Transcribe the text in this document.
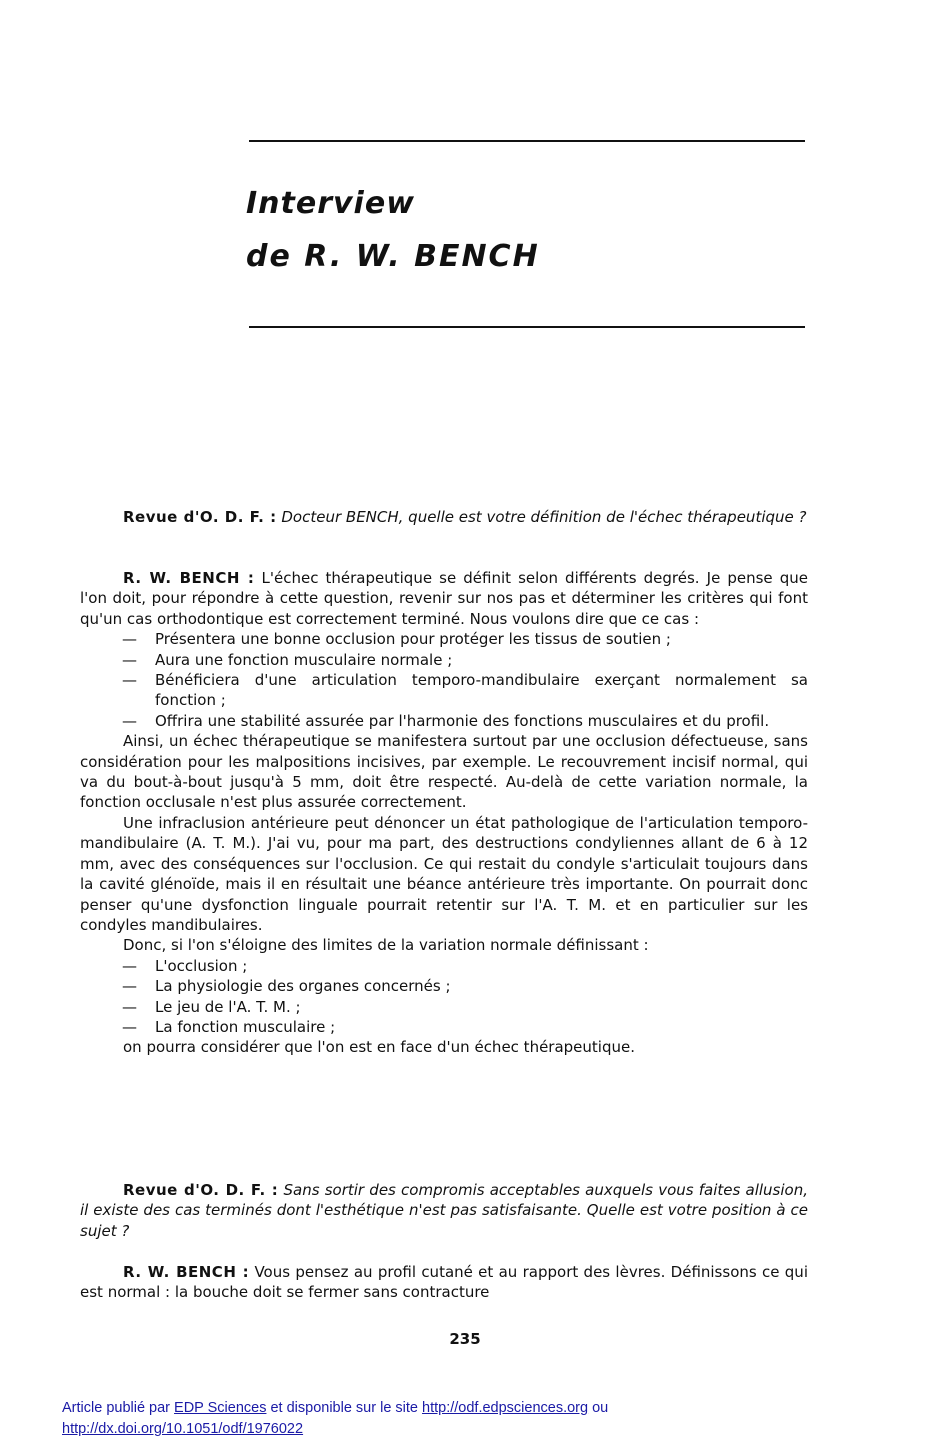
Interview
de R. W. BENCH

Revue d'O. D. F. : Docteur BENCH, quelle est votre définition de l'échec thérapeutique ?

R. W. BENCH : L'échec thérapeutique se définit selon différents degrés. Je pense que l'on doit, pour répondre à cette question, revenir sur nos pas et déterminer les critères qui font qu'un cas orthodontique est correctement terminé. Nous voulons dire que ce cas :

— Présentera une bonne occlusion pour protéger les tissus de soutien ;
— Aura une fonction musculaire normale ;
— Bénéficiera d'une articulation temporo-mandibulaire exerçant normalement sa fonction ;
— Offrira une stabilité assurée par l'harmonie des fonctions musculaires et du profil.

Ainsi, un échec thérapeutique se manifestera surtout par une occlusion défectueuse, sans considération pour les malpositions incisives, par exemple. Le recouvrement incisif normal, qui va du bout-à-bout jusqu'à 5 mm, doit être respecté. Au-delà de cette variation normale, la fonction occlusale n'est plus assurée correctement.

Une infraclusion antérieure peut dénoncer un état pathologique de l'articulation temporo-mandibulaire (A. T. M.). J'ai vu, pour ma part, des destructions condyliennes allant de 6 à 12 mm, avec des conséquences sur l'occlusion. Ce qui restait du condyle s'articulait toujours dans la cavité glénoïde, mais il en résultait une béance antérieure très importante. On pourrait donc penser qu'une dysfonction linguale pourrait retentir sur l'A. T. M. et en particulier sur les condyles mandibulaires.

Donc, si l'on s'éloigne des limites de la variation normale définissant :

— L'occlusion ;
— La physiologie des organes concernés ;
— Le jeu de l'A. T. M. ;
— La fonction musculaire ;

on pourra considérer que l'on est en face d'un échec thérapeutique.

Revue d'O. D. F. : Sans sortir des compromis acceptables auxquels vous faites allusion, il existe des cas terminés dont l'esthétique n'est pas satisfaisante. Quelle est votre position à ce sujet ?

R. W. BENCH : Vous pensez au profil cutané et au rapport des lèvres. Définissons ce qui est normal : la bouche doit se fermer sans contracture

235

Article publié par EDP Sciences et disponible sur le site http://odf.edpsciences.org ou
http://dx.doi.org/10.1051/odf/1976022
